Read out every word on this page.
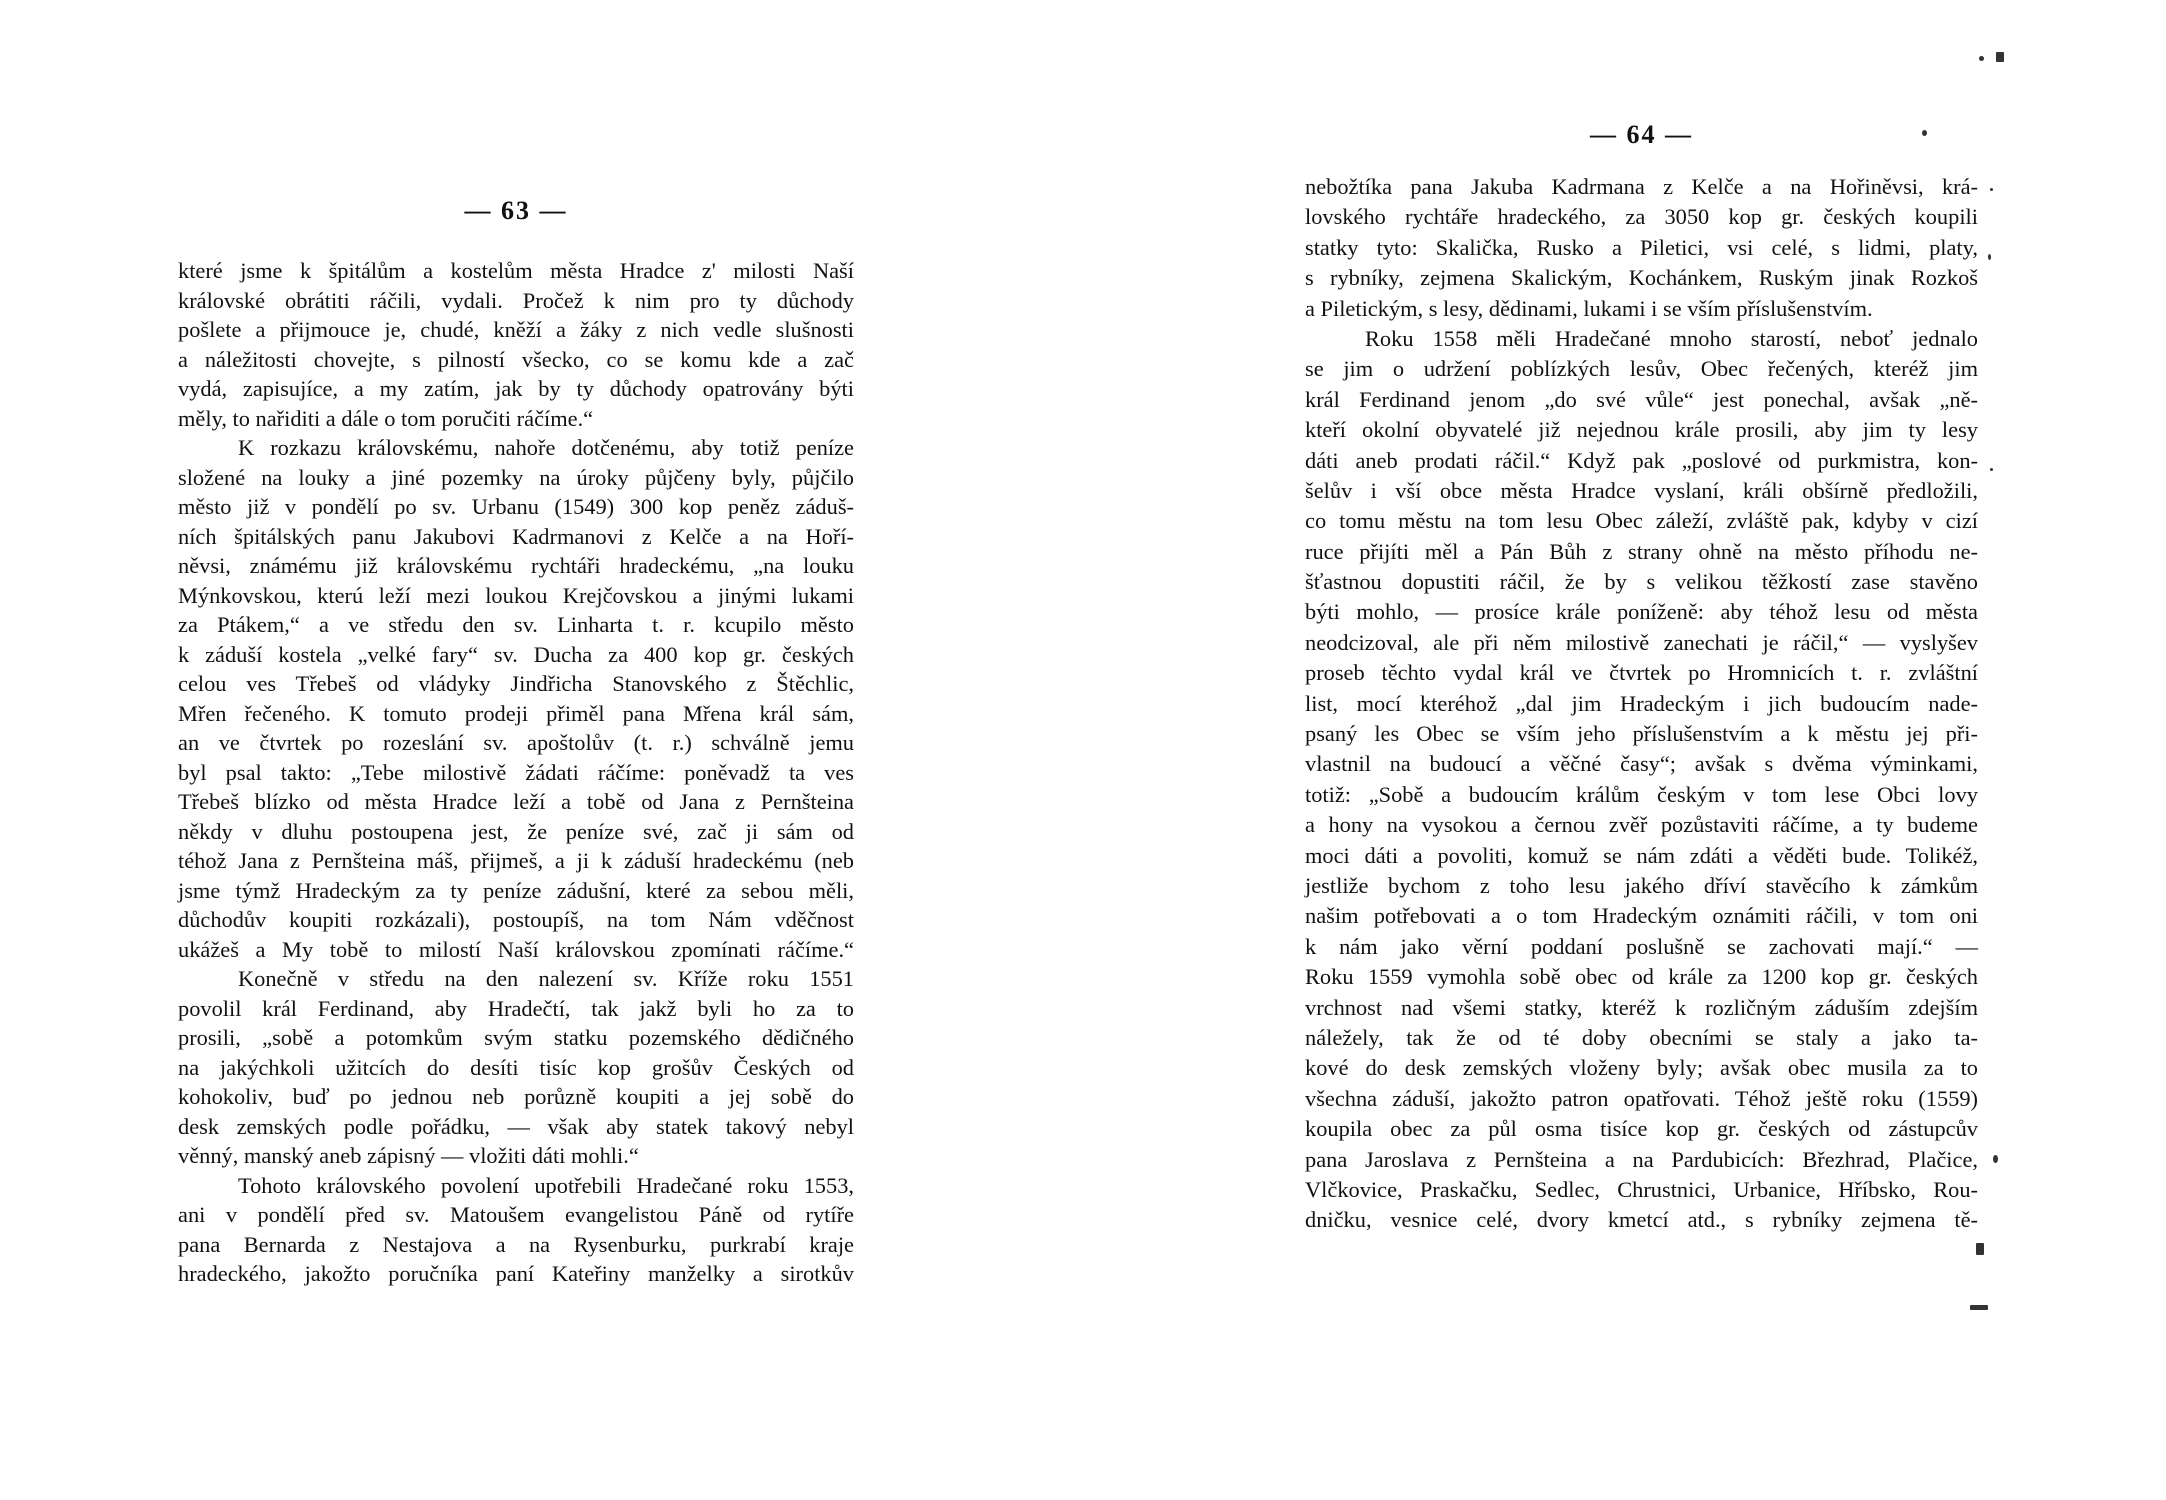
— 63 —
které jsme k špitálům a kostelům města Hradce z' milosti Naší
královské obrátiti ráčili, vydali. Pročež k nim pro ty důchody
pošlete a přijmouce je, chudé, kněží a žáky z nich vedle slušnosti
a náležitosti chovejte, s pilností všecko, co se komu kde a zač
vydá, zapisujíce, a my zatím, jak by ty důchody opatrovány býti
měly, to nařiditi a dále o tom poručiti ráčíme.“
K rozkazu královskému, nahoře dotčenému, aby totiž peníze
složené na louky a jiné pozemky na úroky půjčeny byly, půjčilo
město již v pondělí po sv. Urbanu (1549) 300 kop peněz záduš-
ních špitálských panu Jakubovi Kadrmanovi z Kelče a na Hoří-
něvsi, známému již královskému rychtáři hradeckému, „na louku
Mýnkovskou, kterú leží mezi loukou Krejčovskou a jinými lukami
za Ptákem,“ a ve středu den sv. Linharta t. r. kcupilo město
k záduší kostela „velké fary“ sv. Ducha za 400 kop gr. českých
celou ves Třebeš od vládyky Jindřicha Stanovského z Štěchlic,
Mřen řečeného. K tomuto prodeji přiměl pana Mřena král sám,
an ve čtvrtek po rozeslání sv. apoštolův (t. r.) schválně jemu
byl psal takto: „Tebe milostivě žádati ráčíme: poněvadž ta ves
Třebeš blízko od města Hradce leží a tobě od Jana z Pernšteina
někdy v dluhu postoupena jest, že peníze své, zač ji sám od
téhož Jana z Pernšteina máš, přijmeš, a ji k záduší hradeckému (neb
jsme týmž Hradeckým za ty peníze zádušní, které za sebou měli,
důchodův koupiti rozkázali), postoupíš, na tom Nám vděčnost
ukážeš a My tobě to milostí Naší královskou zpomínati ráčíme.“
Konečně v středu na den nalezení sv. Kříže roku 1551
povolil král Ferdinand, aby Hradečtí, tak jakž byli ho za to
prosili, „sobě a potomkům svým statku pozemského dědičného
na jakýchkoli užitcích do desíti tisíc kop grošův Českých od
kohokoliv, buď po jednou neb porůzně koupiti a jej sobě do
desk zemských podle pořádku, — však aby statek takový nebyl
věnný, manský aneb zápisný — vložiti dáti mohli.“
Tohoto královského povolení upotřebili Hradečané roku 1553,
ani v pondělí před sv. Matoušem evangelistou Páně od rytíře
pana Bernarda z Nestajova a na Rysenburku, purkrabí kraje
hradeckého, jakožto poručníka paní Kateřiny manželky a sirotkův
— 64 —
nebožtíka pana Jakuba Kadrmana z Kelče a na Hořiněvsi, krá-
lovského rychtáře hradeckého, za 3050 kop gr. českých koupili
statky tyto: Skalička, Rusko a Piletici, vsi celé, s lidmi, platy,
s rybníky, zejmena Skalickým, Kochánkem, Ruským jinak Rozkoš
a Piletickým, s lesy, dědinami, lukami i se vším příslušenstvím.
Roku 1558 měli Hradečané mnoho starostí, neboť jednalo
se jim o udržení poblízkých lesův, Obec řečených, kteréž jim
král Ferdinand jenom „do své vůle“ jest ponechal, avšak „ně-
kteří okolní obyvatelé již nejednou krále prosili, aby jim ty lesy
dáti aneb prodati ráčil.“ Když pak „poslové od purkmistra, kon-
šelův i vší obce města Hradce vyslaní, králi obšírně předložili,
co tomu městu na tom lesu Obec záleží, zvláště pak, kdyby v cizí
ruce přijíti měl a Pán Bůh z strany ohně na město příhodu ne-
šťastnou dopustiti ráčil, že by s velikou těžkostí zase stavěno
býti mohlo, — prosíce krále poníženě: aby téhož lesu od města
neodcizoval, ale při něm milostivě zanechati je ráčil,“ — vyslyšev
proseb těchto vydal král ve čtvrtek po Hromnicích t. r. zvláštní
list, mocí kteréhož „dal jim Hradeckým i jich budoucím nade-
psaný les Obec se vším jeho příslušenstvím a k městu jej při-
vlastnil na budoucí a věčné časy“; avšak s dvěma výminkami,
totiž: „Sobě a budoucím králům českým v tom lese Obci lovy
a hony na vysokou a černou zvěř pozůstaviti ráčíme, a ty budeme
moci dáti a povoliti, komuž se nám zdáti a věděti bude. Tolikéž,
jestliže bychom z toho lesu jakého dříví stavěcího k zámkům
našim potřebovati a o tom Hradeckým oznámiti ráčili, v tom oni
k nám jako věrní poddaní poslušně se zachovati mají.“ —
Roku 1559 vymohla sobě obec od krále za 1200 kop gr. českých
vrchnost nad všemi statky, kteréž k rozličným záduším zdejším
náležely, tak že od té doby obecními se staly a jako ta-
kové do desk zemských vloženy byly; avšak obec musila za to
všechna záduší, jakožto patron opatřovati. Téhož ještě roku (1559)
koupila obec za půl osma tisíce kop gr. českých od zástupcův
pana Jaroslava z Pernšteina a na Pardubicích: Březhrad, Plačice,
Vlčkovice, Praskačku, Sedlec, Chrustnici, Urbanice, Hříbsko, Rou-
dničku, vesnice celé, dvory kmetcí atd., s rybníky zejmena tě-
